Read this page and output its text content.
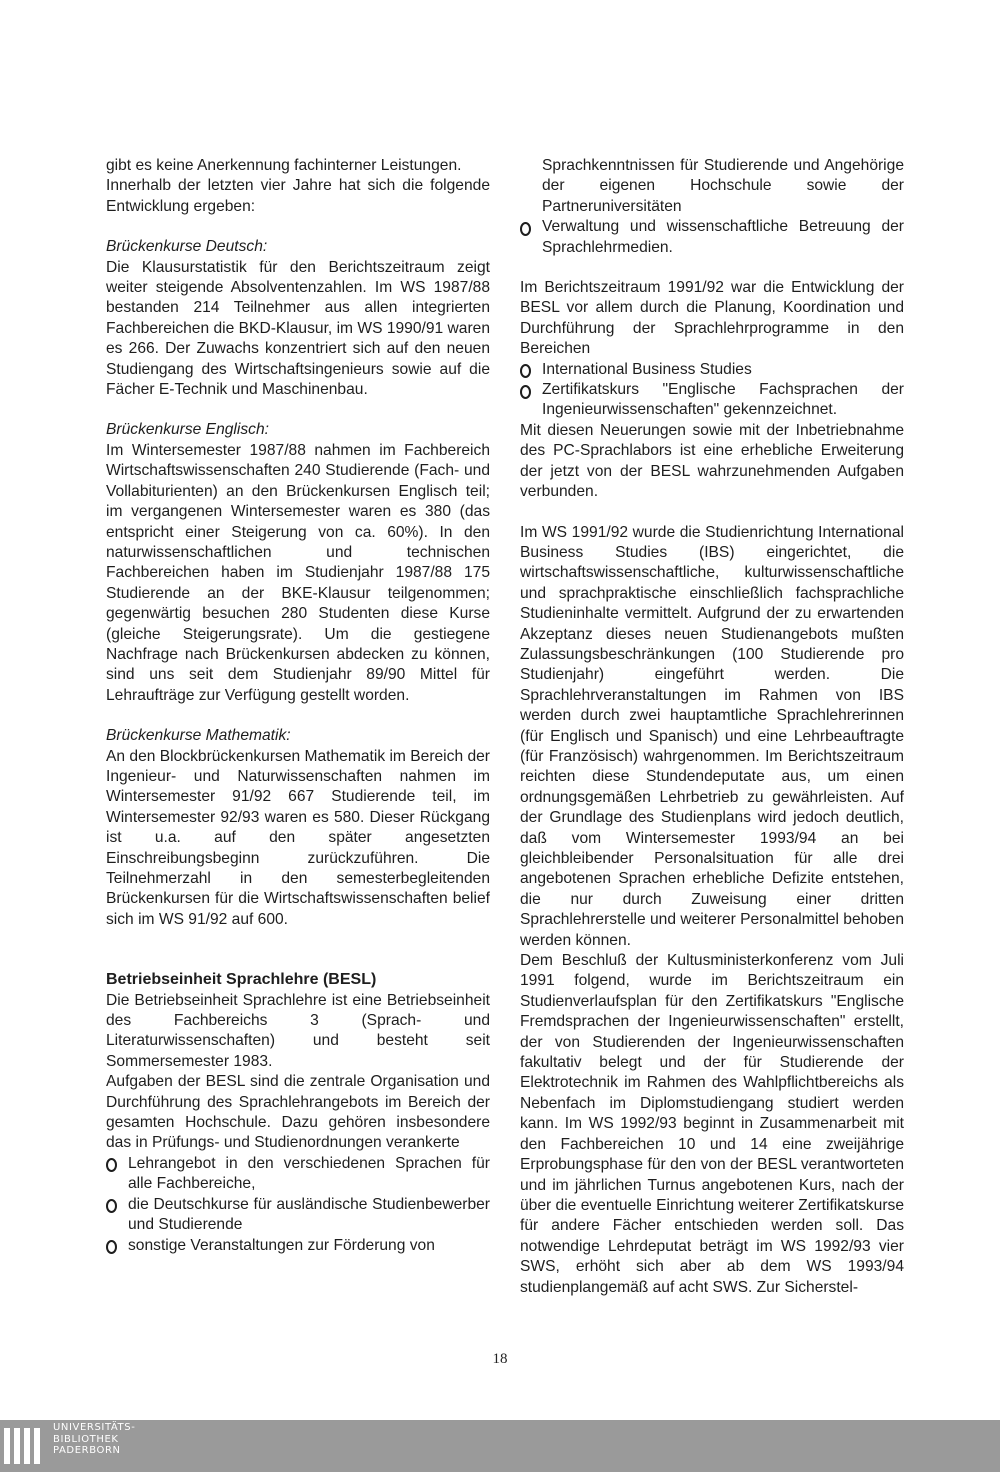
gibt es keine Anerkennung fachinterner Leistungen.

Innerhalb der letzten vier Jahre hat sich die folgende Entwicklung ergeben:

Brückenkurse Deutsch:

Die Klausurstatistik für den Berichtszeitraum zeigt weiter steigende Absolventenzahlen. Im WS 1987/88 bestanden 214 Teilnehmer aus allen integrierten Fachbereichen die BKD-Klausur, im WS 1990/91 waren es 266. Der Zuwachs konzentriert sich auf den neuen Studiengang des Wirtschaftsingenieurs sowie auf die Fächer E-Technik und Maschinenbau.

Brückenkurse Englisch:

Im Wintersemester 1987/88 nahmen im Fachbereich Wirtschaftswissenschaften 240 Studierende (Fach- und Vollabiturienten) an den Brückenkursen Englisch teil; im vergangenen Wintersemester waren es 380 (das entspricht einer Steigerung von ca. 60%). In den naturwissenschaftlichen und technischen Fachbereichen haben im Studienjahr 1987/88 175 Studierende an der BKE-Klausur teilgenommen; gegenwärtig besuchen 280 Studenten diese Kurse (gleiche Steigerungsrate). Um die gestiegene Nachfrage nach Brückenkursen abdecken zu können, sind uns seit dem Studienjahr 89/90 Mittel für Lehraufträge zur Verfügung gestellt worden.

Brückenkurse Mathematik:

An den Blockbrückenkursen Mathematik im Bereich der Ingenieur- und Naturwissenschaften nahmen im Wintersemester 91/92 667 Studierende teil, im Wintersemester 92/93 waren es 580. Dieser Rückgang ist u.a. auf den später angesetzten Einschreibungsbeginn zurückzuführen. Die Teilnehmerzahl in den semesterbegleitenden Brückenkursen für die Wirtschaftswissenschaften belief sich im WS 91/92 auf 600.

Betriebseinheit Sprachlehre (BESL)

Die Betriebseinheit Sprachlehre ist eine Betriebseinheit des Fachbereichs 3 (Sprach- und Literaturwissenschaften) und besteht seit Sommersemester 1983.

Aufgaben der BESL sind die zentrale Organisation und Durchführung des Sprachlehrangebots im Bereich der gesamten Hochschule. Dazu gehören insbesondere das in Prüfungs- und Studienordnungen verankerte

Lehrangebot in den verschiedenen Sprachen für alle Fachbereiche,
die Deutschkurse für ausländische Studienbewerber und Studierende
sonstige Veranstaltungen zur Förderung von
Sprachkenntnissen für Studierende und Angehörige der eigenen Hochschule sowie der Partneruniversitäten
Verwaltung und wissenschaftliche Betreuung der Sprachlehrmedien.

Im Berichtszeitraum 1991/92 war die Entwicklung der BESL vor allem durch die Planung, Koordination und Durchführung der Sprachlehrprogramme in den Bereichen

International Business Studies
Zertifikatskurs "Englische Fachsprachen der Ingenieurwissenschaften" gekennzeichnet.

Mit diesen Neuerungen sowie mit der Inbetriebnahme des PC-Sprachlabors ist eine erhebliche Erweiterung der jetzt von der BESL wahrzunehmenden Aufgaben verbunden.

Im WS 1991/92 wurde die Studienrichtung International Business Studies (IBS) eingerichtet, die wirtschaftswissenschaftliche, kulturwissenschaftliche und sprachpraktische einschließlich fachsprachliche Studieninhalte vermittelt. Aufgrund der zu erwartenden Akzeptanz dieses neuen Studienangebots mußten Zulassungsbeschränkungen (100 Studierende pro Studienjahr) eingeführt werden. Die Sprachlehrveranstaltungen im Rahmen von IBS werden durch zwei hauptamtliche Sprachlehrerinnen (für Englisch und Spanisch) und eine Lehrbeauftragte (für Französisch) wahrgenommen. Im Berichtszeitraum reichten diese Stundendeputate aus, um einen ordnungsgemäßen Lehrbetrieb zu gewährleisten. Auf der Grundlage des Studienplans wird jedoch deutlich, daß vom Wintersemester 1993/94 an bei gleichbleibender Personalsituation für alle drei angebotenen Sprachen erhebliche Defizite entstehen, die nur durch Zuweisung einer dritten Sprachlehrerstelle und weiterer Personalmittel behoben werden können.

Dem Beschluß der Kultusministerkonferenz vom Juli 1991 folgend, wurde im Berichtszeitraum ein Studienverlaufsplan für den Zertifikatskurs "Englische Fremdsprachen der Ingenieurwissenschaften" erstellt, der von Studierenden der Ingenieurwissenschaften fakultativ belegt und der für Studierende der Elektrotechnik im Rahmen des Wahlpflichtbereichs als Nebenfach im Diplomstudiengang studiert werden kann. Im WS 1992/93 beginnt in Zusammenarbeit mit den Fachbereichen 10 und 14 eine zweijährige Erprobungsphase für den von der BESL verantworteten und im jährlichen Turnus angebotenen Kurs, nach der über die eventuelle Einrichtung weiterer Zertifikatskurse für andere Fächer entschieden werden soll. Das notwendige Lehrdeputat beträgt im WS 1992/93 vier SWS, erhöht sich aber ab dem WS 1993/94 studienplangemäß auf acht SWS. Zur Sicherstel-

18
UNIVERSITÄTS-
BIBLIOTHEK
PADERBORN
